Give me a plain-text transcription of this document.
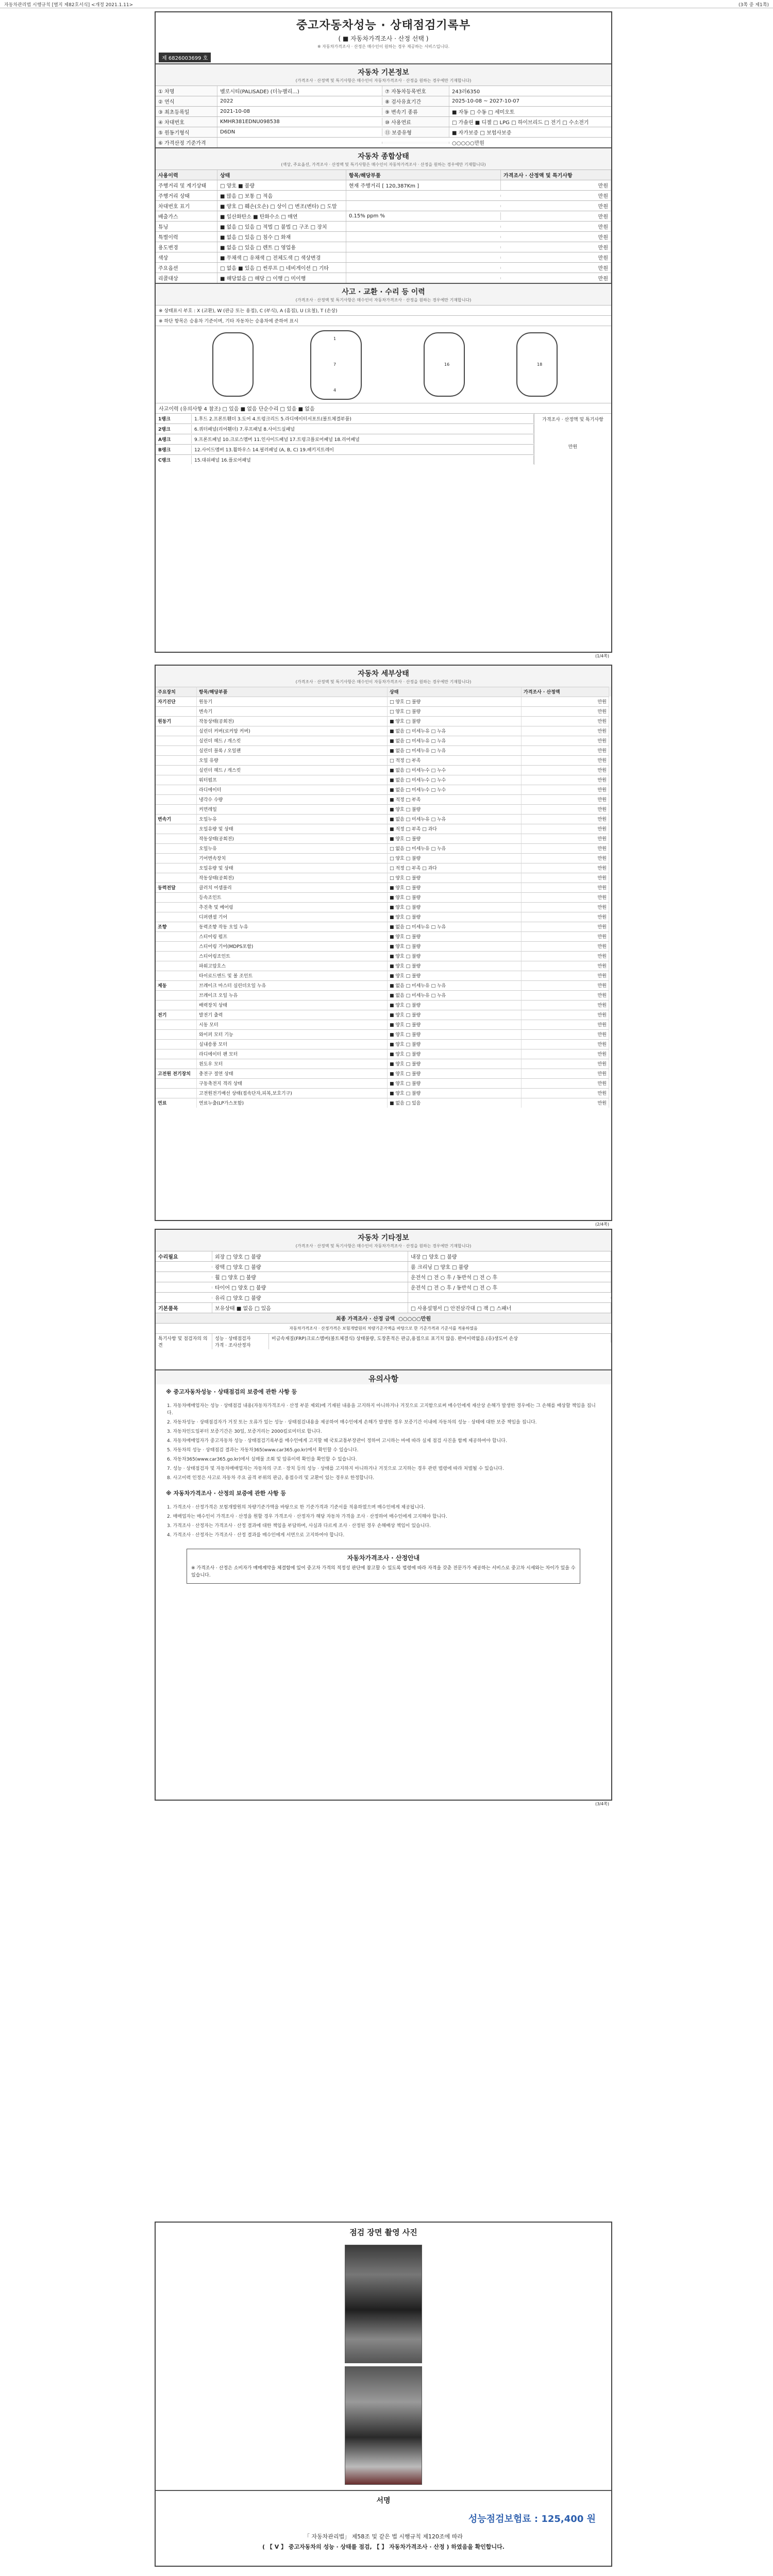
자동차관리법 시행규칙 [별지 제82호서식] <개정 2021.1.11>	(3쪽 중 제1쪽)
중고자동차성능 · 상태점검기록부
( ■ 자동차가격조사 · 산정 선택 )
※ 자동차가격조사 · 산정은 매수인이 원하는 경우 제공하는 서비스입니다.
제 6826003699 호
자동차 기본정보
(가격조사 · 산정액 및 특기사항은 매수인이 자동차가격조사 · 산정을 원하는 경우에만 기재합니다)
① 차명	벨로시티(PALISADE) (더뉴팰리...)	⑦ 자동차등록번호	243러6350
② 연식	2022	⑧ 검사유효기간	2025-10-08 ~ 2027-10-07
③ 최초등록일	2021-10-08	⑨ 변속기 종류	■ 자동 □ 수동 □ 세미오토
④ 차대번호	KMHR381EDNU098538	⑩ 사용연료	□ 가솔린 ■ 디젤 □ LPG □ 하이브리드 □ 전기 □ 수소전기
⑤ 원동기형식	D6DN	⑪ 보증유형	■ 자가보증 □ 보험사보증
⑥ 가격산정 기준가격	○○○○○만원
자동차 종합상태
(색상, 주요옵션, 가격조사 · 산정액 및 특기사항은 매수인이 자동차가격조사 · 산정을 원하는 경우에만 기재합니다)
사용이력	상태	항목/해당부품	가격조사 · 산정액 및 특기사항
주행거리 및 계기상태	□ 양호 ■ 불량	현재 주행거리 [ 120,387Km ]	만원
주행거리 상태	■ 많음 □ 보통 □ 적음	만원
차대번호 표기	■ 양호 □ 훼손(오손) □ 상이 □ 변조(변타) □ 도말	만원
배출가스	■ 일산화탄소 ■ 탄화수소 □ 매연	0.15% ppm %	만원
튜닝	■ 없음 □ 있음 □ 적법 □ 불법 □ 구조 □ 장치	만원
특별이력	■ 없음 □ 있음 □ 침수 □ 화재	만원
용도변경	■ 없음 □ 있음 □ 렌트 □ 영업용	만원
색상	■ 무채색 □ 유채색 □ 전체도색 □ 색상변경	만원
주요옵션	□ 없음 ■ 있음 □ 썬루프 □ 네비게이션 □ 기타	만원
리콜대상	■ 해당없음 □ 해당 □ 이행 □ 미이행	만원
사고 · 교환 · 수리 등 이력
(가격조사 · 산정액 및 특기사항은 매수인이 자동차가격조사 · 산정을 원하는 경우에만 기재합니다)
※ 상태표시 부호 : X (교환), W (판금 또는 용접), C (부식), A (흠집), U (요철), T (손상)
※ 하단 항목은 승용차 기준이며, 기타 자동차는 승용차에 준하여 표시
1
4
7	16	18
사고이력 (유의사항 4 참조) □ 있음 ■ 없음 단순수리 □ 있음 ■ 없음
1랭크	1.후드 2.프론트휀더 3.도어 4.트렁크리드 5.라디에이터서포트(볼트체결부품)
2랭크	6.쿼터패널(리어휀더) 7.루프패널 8.사이드실패널
A랭크	9.프론트패널 10.크로스멤버 11.인사이드패널 17.트렁크플로어패널 18.리어패널
B랭크	12.사이드멤버 13.휠하우스 14.필러패널 (A, B, C) 19.패키지트레이
C랭크	15.대쉬패널 16.플로어패널
가격조사 · 산정액 및 특기사항
만원
(1/4쪽)
자동차 세부상태
(가격조사 · 산정액 및 특기사항은 매수인이 자동차가격조사 · 산정을 원하는 경우에만 기재합니다)
주요장치	항목/해당부품	상태	가격조사 · 산정액
자기진단	원동기	□ 양호 □ 불량	만원
변속기	□ 양호 □ 불량	만원
원동기	작동상태(공회전)	■ 양호 □ 불량	만원
실린더 커버(로커암 커버)	■ 없음 □ 미세누유 □ 누유	만원
실린더 헤드 / 개스킷	■ 없음 □ 미세누유 □ 누유	만원
실린더 블록 / 오일팬	■ 없음 □ 미세누유 □ 누유	만원
오일 유량	□ 적정 □ 부족	만원
실린더 헤드 / 개스킷	■ 없음 □ 미세누수 □ 누수	만원
워터펌프	■ 없음 □ 미세누수 □ 누수	만원
라디에이터	■ 없음 □ 미세누수 □ 누수	만원
냉각수 수량	■ 적정 □ 부족	만원
커먼레일	■ 양호 □ 불량	만원
변속기	오일누유	■ 없음 □ 미세누유 □ 누유	만원
오일유량 및 상태	■ 적정 □ 부족 □ 과다	만원
작동상태(공회전)	■ 양호 □ 불량	만원
오일누유	□ 없음 □ 미세누유 □ 누유	만원
기어변속장치	□ 양호 □ 불량	만원
오일유량 및 상태	□ 적정 □ 부족 □ 과다	만원
작동상태(공회전)	□ 양호 □ 불량	만원
동력전달	클러치 어셈블리	■ 양호 □ 불량	만원
등속조인트	■ 양호 □ 불량	만원
추진축 및 베어링	■ 양호 □ 불량	만원
디퍼렌셜 기어	■ 양호 □ 불량	만원
조향	동력조향 작동 오일 누유	■ 없음 □ 미세누유 □ 누유	만원
스티어링 펌프	■ 양호 □ 불량	만원
스티어링 기어(MDPS포함)	■ 양호 □ 불량	만원
스티어링조인트	■ 양호 □ 불량	만원
파워고압호스	■ 양호 □ 불량	만원
타이로드엔드 및 볼 조인트	■ 양호 □ 불량	만원
제동	브레이크 마스터 실린더오일 누유	■ 없음 □ 미세누유 □ 누유	만원
브레이크 오일 누유	■ 없음 □ 미세누유 □ 누유	만원
배력장치 상태	■ 양호 □ 불량	만원
전기	발전기 출력	■ 양호 □ 불량	만원
시동 모터	■ 양호 □ 불량	만원
와이퍼 모터 기능	■ 양호 □ 불량	만원
실내송풍 모터	■ 양호 □ 불량	만원
라디에이터 팬 모터	■ 양호 □ 불량	만원
윈도우 모터	■ 양호 □ 불량	만원
고전원 전기장치	충전구 절연 상태	■ 양호 □ 불량	만원
구동축전지 격리 상태	■ 양호 □ 불량	만원
고전원전기배선 상태(접속단자,피복,보호기구)	■ 양호 □ 불량	만원
연료	연료누출(LP가스포함)	■ 없음 □ 있음	만원
(2/4쪽)
자동차 기타정보
(가격조사 · 산정액 및 특기사항은 매수인이 자동차가격조사 · 산정을 원하는 경우에만 기재합니다)
수리필요	외장 □ 양호 □ 불량	내장 □ 양호 □ 불량
광택 □ 양호 □ 불량	룸 크리닝 □ 양호 □ 불량
휠 □ 양호 □ 불량	운전석 □ 전 ○ 후 / 동반석 □ 전 ○ 후
타이어 □ 양호 □ 불량	운전석 □ 전 ○ 후 / 동반석 □ 전 ○ 후
유리 □ 양호 □ 불량
기본품목	보유상태 ■ 없음 □ 있음	□ 사용설명서 □ 안전삼각대 □ 잭 □ 스패너
최종 가격조사 · 산정 금액
○○○○○만원
자동차가격조사 · 산정가격은 보험개발원의 차량기준가액을 바탕으로 한 기준가격과 기준서를 적용하였음
특기사항 및 점검자의 의견
성능 · 상태점검자
가격 · 조사산정자
비금속재질(FRP)크로스멤버(볼트체결식) 상태불량, 도장흔적은 판금,용접으로 표기치 않음. 완비이력없음.(유)생도어 손상
유의사항
※ 중고자동차성능 · 상태점검의 보증에 관한 사항 등

1. 자동차매매업자는 성능 · 상태점검 내용(자동차가격조사 · 산정 부분 제외)에 기재된 내용을 고지하지 아니하거나 거짓으로 고지함으로써 매수인에게 재산상 손해가 발생한 경우에는 그 손해를 배상할 책임을 집니다.

2. 자동차성능 · 상태점검자가 거짓 또는 오류가 있는 성능 · 상태점검내용을 제공하여 매수인에게 손해가 발생한 경우 보증기간 이내에 자동차의 성능 · 상태에 대한 보증 책임을 집니다.

3. 자동차인도일부터 보증기간은 30일, 보증거리는 2000킬로미터로 합니다.

4. 자동차매매업자가 중고자동차 성능 · 상태점검기록부를 매수인에게 고지할 때 국토교통부장관이 정하여 고시하는 바에 따라 실제 점검 사진을 함께 제공하여야 합니다.

5. 자동차의 성능 · 상태점검 결과는 자동차365(www.car365.go.kr)에서 확인할 수 있습니다.

6. 자동차365(www.car365.go.kr)에서 실매물 조회 및 압류이력 확인을 확인할 수 있습니다.

7. 성능 · 상태점검자 및 자동차매매업자는 자동차의 구조 · 장치 등의 성능 · 상태를 고지하지 아니하거나 거짓으로 고지하는 경우 관련 법령에 따라 처벌될 수 있습니다.

8. 사고이력 인정은 사고로 자동차 주요 골격 부위의 판금, 용접수리 및 교환이 있는 경우로 한정합니다.

※ 자동차가격조사 · 산정의 보증에 관한 사항 등

1. 가격조사 · 산정가격은 보험개발원의 차량기준가액을 바탕으로 한 기준가격과 기준서를 적용하였으며 매수인에게 제공됩니다.

2. 매매업자는 매수인이 가격조사 · 산정을 원할 경우 가격조사 · 산정자가 해당 자동차 가격을 조사 · 산정하여 매수인에게 고지해야 합니다.

3. 가격조사 · 산정자는 가격조사 · 산정 결과에 대한 책임을 부담하며, 사실과 다르게 조사 · 산정된 경우 손해배상 책임이 있습니다.

4. 가격조사 · 산정자는 가격조사 · 산정 결과를 매수인에게 서면으로 고지하여야 합니다.

자동차가격조사 · 산정안내
※ 가격조사 · 산정은 소비자가 매매계약을 체결함에 있어 중고차 가격의 적정성 판단에 참고할 수 있도록 법령에 따라 자격을 갖춘 전문가가 제공하는 서비스로 중고차 시세와는 차이가 있을 수 있습니다.
(3/4쪽)
점검 장면 촬영 사진
서명
성능점검보험료 : 125,400 원
「 자동차관리법」 제58조 및 같은 법 시행규칙 제120조에 따라
( 【 V 】 중고자동차의 성능 · 상태를 점검, 【 】 자동차가격조사 · 산정 ) 하였음을 확인합니다.
